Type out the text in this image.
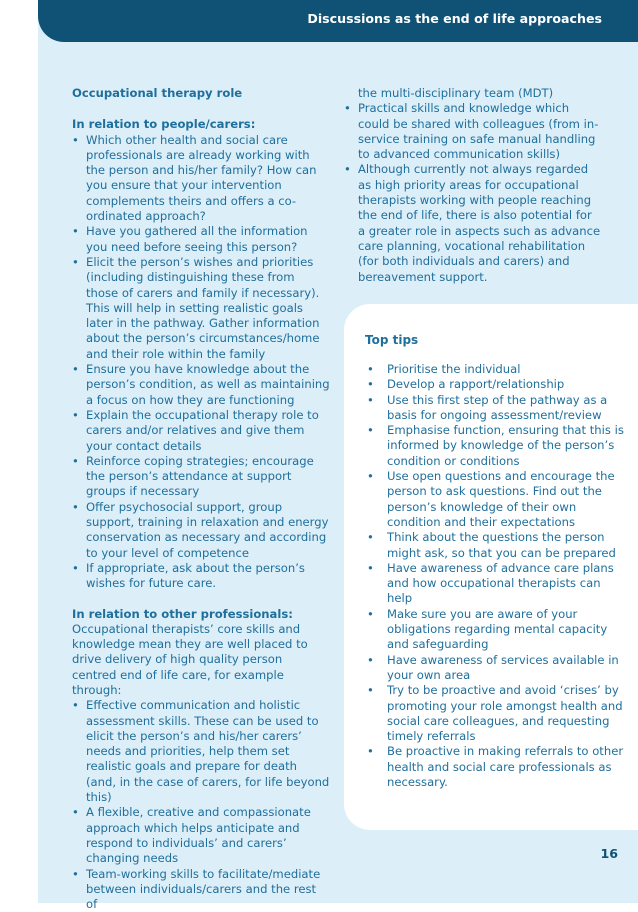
Discussions as the end of life approaches

Occupational therapy role

In relation to people/carers:

• Which other health and social care professionals are already working with the person and his/her family? How can you ensure that your intervention complements theirs and offers a co-ordinated approach?
• Have you gathered all the information you need before seeing this person?
• Elicit the person’s wishes and priorities (including distinguishing these from those of carers and family if necessary). This will help in setting realistic goals later in the pathway. Gather information about the person’s circumstances/home and their role within the family
• Ensure you have knowledge about the person’s condition, as well as maintaining a focus on how they are functioning
• Explain the occupational therapy role to carers and/or relatives and give them your contact details
• Reinforce coping strategies; encourage the person’s attendance at support groups if necessary
• Offer psychosocial support, group support, training in relaxation and energy conservation as necessary and according to your level of competence
• If appropriate, ask about the person’s wishes for future care.

In relation to other professionals:

Occupational therapists’ core skills and knowledge mean they are well placed to drive delivery of high quality person centred end of life care, for example through:

• Effective communication and holistic assessment skills. These can be used to elicit the person’s and his/her carers’ needs and priorities, help them set realistic goals and prepare for death (and, in the case of carers, for life beyond this)
• A flexible, creative and compassionate approach which helps anticipate and respond to individuals’ and carers’ changing needs
• Team-working skills to facilitate/mediate between individuals/carers and the rest of
the multi-disciplinary team (MDT)
• Practical skills and knowledge which could be shared with colleagues (from in-service training on safe manual handling to advanced communication skills)
• Although currently not always regarded as high priority areas for occupational therapists working with people reaching the end of life, there is also potential for a greater role in aspects such as advance care planning, vocational rehabilitation (for both individuals and carers) and bereavement support.
Top tips
• Prioritise the individual
• Develop a rapport/relationship
• Use this first step of the pathway as a basis for ongoing assessment/review
• Emphasise function, ensuring that this is informed by knowledge of the person’s condition or conditions
• Use open questions and encourage the person to ask questions. Find out the person’s knowledge of their own condition and their expectations
• Think about the questions the person might ask, so that you can be prepared
• Have awareness of advance care plans and how occupational therapists can help
• Make sure you are aware of your obligations regarding mental capacity and safeguarding
• Have awareness of services available in your own area
• Try to be proactive and avoid ‘crises’ by promoting your role amongst health and social care colleagues, and requesting timely referrals
• Be proactive in making referrals to other health and social care professionals as necessary.
16
